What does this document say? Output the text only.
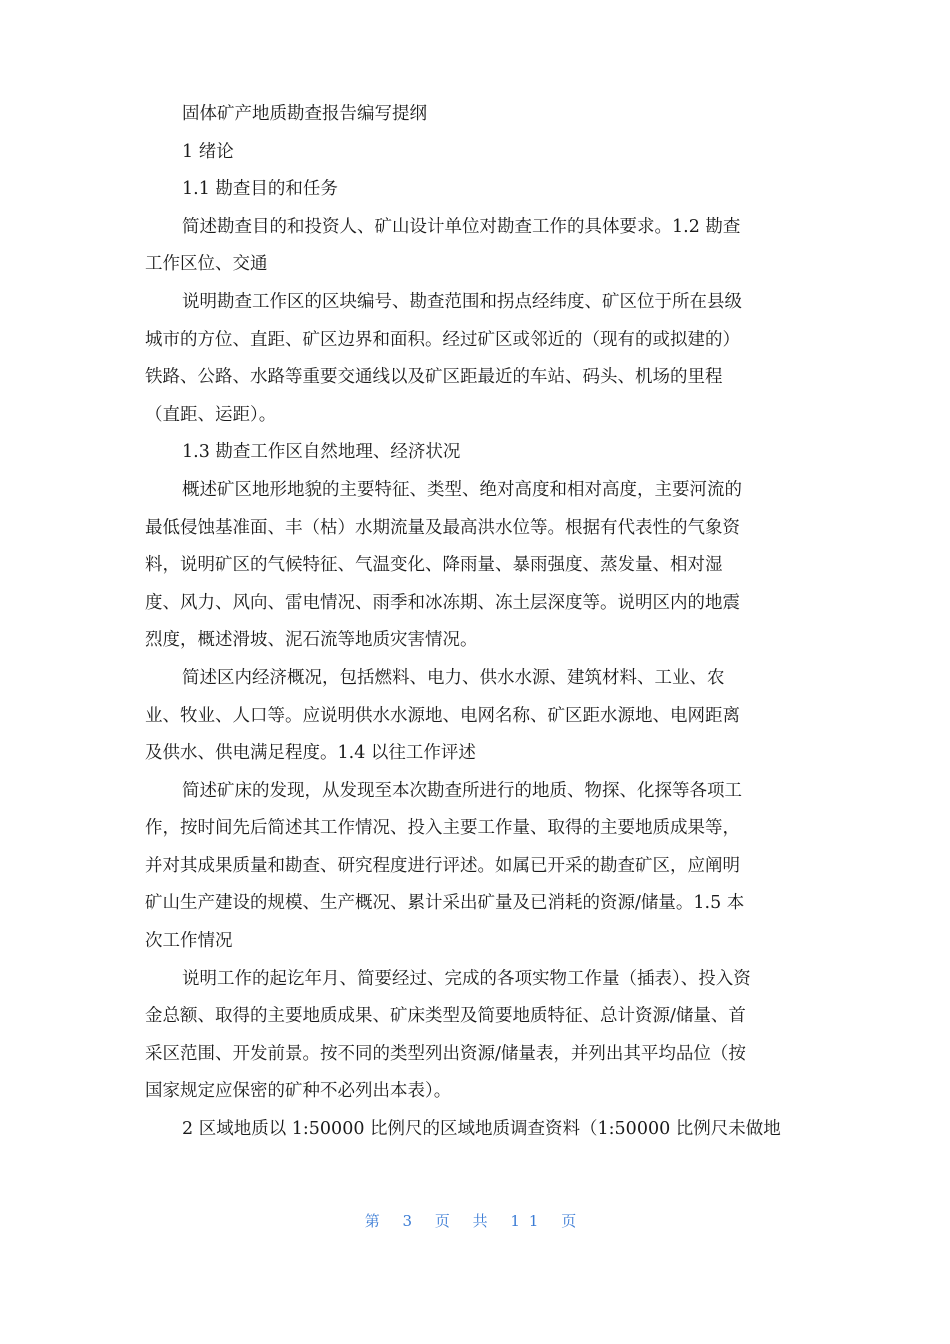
固体矿产地质勘查报告编写提纲
1 绪论
1.1 勘查目的和任务
简述勘查目的和投资人、矿山设计单位对勘查工作的具体要求。1.2 勘查
工作区位、交通
说明勘查工作区的区块编号、勘查范围和拐点经纬度、矿区位于所在县级
城市的方位、直距、矿区边界和面积。经过矿区或邻近的（现有的或拟建的）
铁路、公路、水路等重要交通线以及矿区距最近的车站、码头、机场的里程
（直距、运距）。
1.3 勘查工作区自然地理、经济状况
概述矿区地形地貌的主要特征、类型、绝对高度和相对高度，主要河流的
最低侵蚀基准面、丰（枯）水期流量及最高洪水位等。根据有代表性的气象资
料，说明矿区的气候特征、气温变化、降雨量、暴雨强度、蒸发量、相对湿
度、风力、风向、雷电情况、雨季和冰冻期、冻土层深度等。说明区内的地震
烈度，概述滑坡、泥石流等地质灾害情况。
简述区内经济概况，包括燃料、电力、供水水源、建筑材料、工业、农
业、牧业、人口等。应说明供水水源地、电网名称、矿区距水源地、电网距离
及供水、供电满足程度。1.4 以往工作评述
简述矿床的发现，从发现至本次勘查所进行的地质、物探、化探等各项工
作，按时间先后简述其工作情况、投入主要工作量、取得的主要地质成果等，
并对其成果质量和勘查、研究程度进行评述。如属已开采的勘查矿区，应阐明
矿山生产建设的规模、生产概况、累计采出矿量及已消耗的资源/储量。1.5 本
次工作情况
说明工作的起讫年月、简要经过、完成的各项实物工作量（插表）、投入资
金总额、取得的主要地质成果、矿床类型及简要地质特征、总计资源/储量、首
采区范围、开发前景。按不同的类型列出资源/储量表，并列出其平均品位（按
国家规定应保密的矿种不必列出本表）。
2 区域地质以 1:50000 比例尺的区域地质调查资料（1:50000 比例尺未做地
第 3 页 共 11 页
